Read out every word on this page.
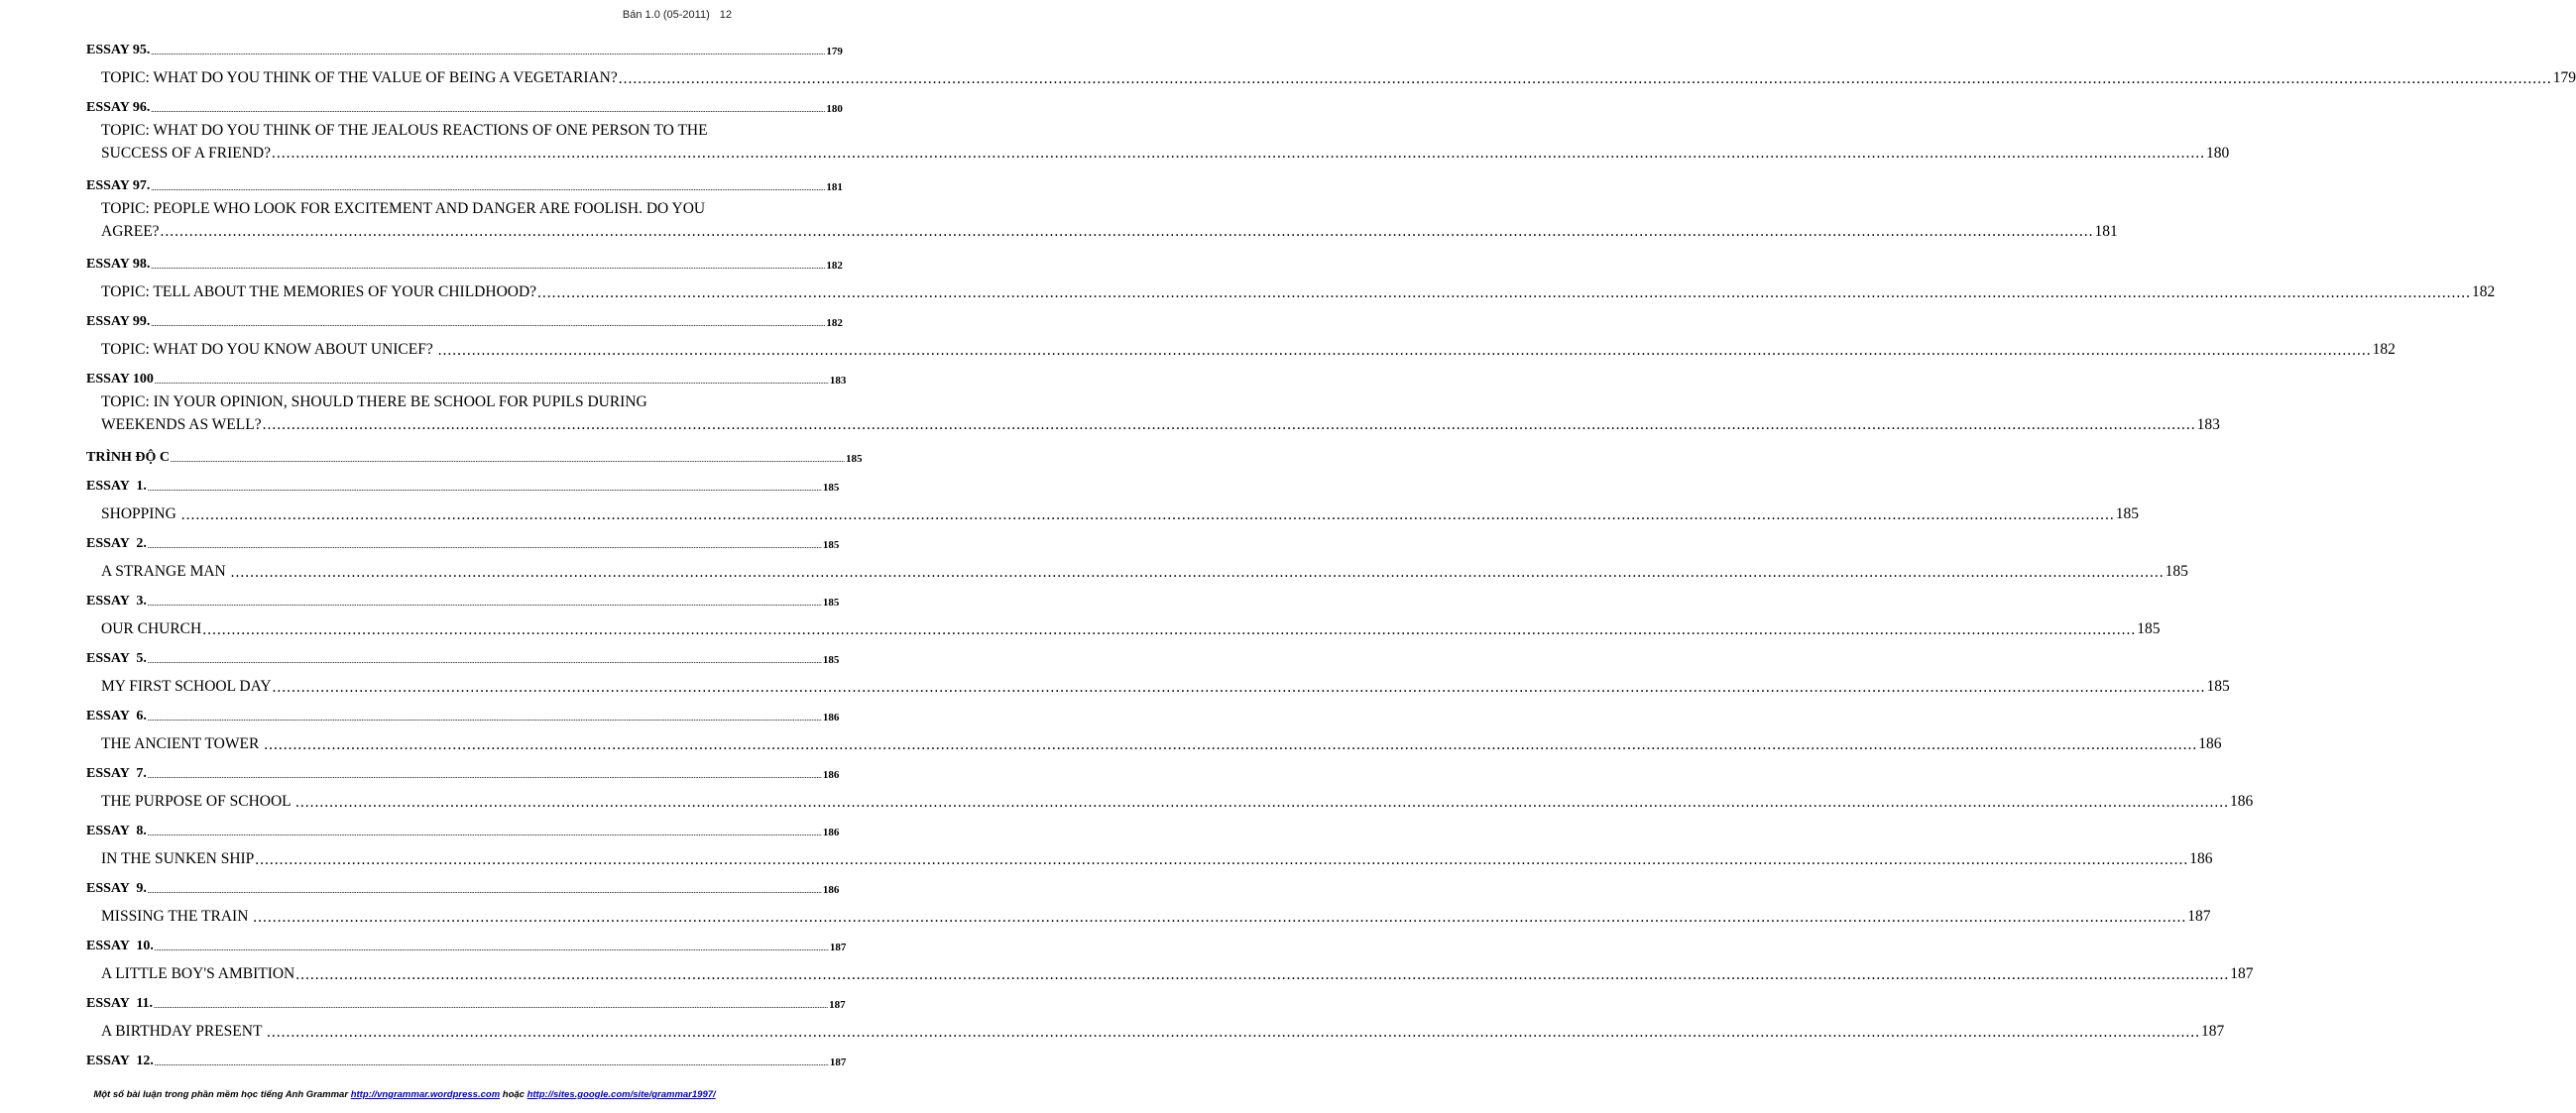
Bán 1.0 (05-2011) 12
ESSAY 95. ................................................................................................................................................................................................................................................................................................................................................................................................................ 179
TOPIC: WHAT DO YOU THINK OF THE VALUE OF BEING A VEGETARIAN? ................................................................................................................................................................................................................................................................................................................................................................................................................ 179
ESSAY 96. ................................................................................................................................................................................................................................................................................................................................................................................................................ 180
TOPIC: WHAT DO YOU THINK OF THE JEALOUS REACTIONS OF ONE PERSON TO THE
SUCCESS OF A FRIEND? ................................................................................................................................................................................................................................................................................................................................................................................................................ 180
ESSAY 97. ................................................................................................................................................................................................................................................................................................................................................................................................................ 181
TOPIC: PEOPLE WHO LOOK FOR EXCITEMENT AND DANGER ARE FOOLISH. DO YOU
AGREE? ................................................................................................................................................................................................................................................................................................................................................................................................................ 181
ESSAY 98. ................................................................................................................................................................................................................................................................................................................................................................................................................ 182
TOPIC: TELL ABOUT THE MEMORIES OF YOUR CHILDHOOD? ................................................................................................................................................................................................................................................................................................................................................................................................................ 182
ESSAY 99. ................................................................................................................................................................................................................................................................................................................................................................................................................ 182
TOPIC: WHAT DO YOU KNOW ABOUT UNICEF? ................................................................................................................................................................................................................................................................................................................................................................................................................ 182
ESSAY 100 ................................................................................................................................................................................................................................................................................................................................................................................................................ 183
TOPIC: IN YOUR OPINION, SHOULD THERE BE SCHOOL FOR PUPILS DURING
WEEKENDS AS WELL? ................................................................................................................................................................................................................................................................................................................................................................................................................ 183
TRÌNH ĐỘ C ................................................................................................................................................................................................................................................................................................................................................................................................................ 185
ESSAY  1. ................................................................................................................................................................................................................................................................................................................................................................................................................ 185
SHOPPING ................................................................................................................................................................................................................................................................................................................................................................................................................ 185
ESSAY  2. ................................................................................................................................................................................................................................................................................................................................................................................................................ 185
A STRANGE MAN ................................................................................................................................................................................................................................................................................................................................................................................................................ 185
ESSAY  3. ................................................................................................................................................................................................................................................................................................................................................................................................................ 185
OUR CHURCH ................................................................................................................................................................................................................................................................................................................................................................................................................ 185
ESSAY  5. ................................................................................................................................................................................................................................................................................................................................................................................................................ 185
MY FIRST SCHOOL DAY ................................................................................................................................................................................................................................................................................................................................................................................................................ 185
ESSAY  6. ................................................................................................................................................................................................................................................................................................................................................................................................................ 186
THE ANCIENT TOWER ................................................................................................................................................................................................................................................................................................................................................................................................................ 186
ESSAY  7. ................................................................................................................................................................................................................................................................................................................................................................................................................ 186
THE PURPOSE OF SCHOOL ................................................................................................................................................................................................................................................................................................................................................................................................................ 186
ESSAY  8. ................................................................................................................................................................................................................................................................................................................................................................................................................ 186
IN THE SUNKEN SHIP ................................................................................................................................................................................................................................................................................................................................................................................................................ 186
ESSAY  9. ................................................................................................................................................................................................................................................................................................................................................................................................................ 186
MISSING THE TRAIN ................................................................................................................................................................................................................................................................................................................................................................................................................ 187
ESSAY  10. ................................................................................................................................................................................................................................................................................................................................................................................................................ 187
A LITTLE BOY'S AMBITION ................................................................................................................................................................................................................................................................................................................................................................................................................ 187
ESSAY  11. ................................................................................................................................................................................................................................................................................................................................................................................................................ 187
A BIRTHDAY PRESENT ................................................................................................................................................................................................................................................................................................................................................................................................................ 187
ESSAY  12. ................................................................................................................................................................................................................................................................................................................................................................................................................ 187
Một số bài luận trong phần mềm học tiếng Anh Grammar http://vngrammar.wordpress.com hoặc http://sites.google.com/site/grammar1997/
